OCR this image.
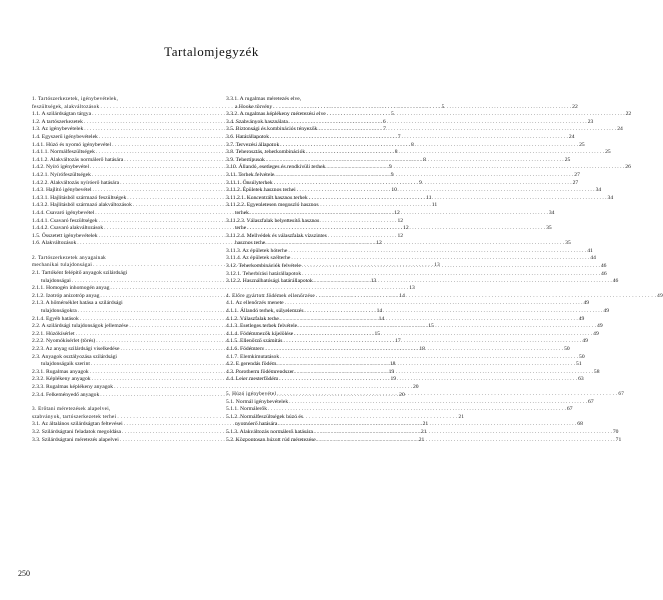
Tartalomjegyzék
1. Tartószerkezetek, igénybevételek,
feszültségek, alakváltozások . . .	5
1.1. A szilárdságtan tárgya . . .	5
1.2. A tartószerkezetek . . .	6
1.3. Az igénybevételek . . .	7
1.4. Egyszerű igénybevételek . . .	7
1.4.1. Húzó és nyomó igénybevétel . . .	8
1.4.1.1. Normálfeszültségek . . .	8
1.4.1.2. Alakváltozás normálerő hatására . . .	8
1.4.2. Nyíró igénybevétel . . .	9
1.4.2.1. Nyírófeszültségek . . .	9
1.4.2.2. Alakváltozás nyíróerő hatására . . .	9
1.4.3. Hajlító igénybevétel . . .	10
1.4.3.1. Hajlításból származó feszültségek . . .	11
1.4.3.2. Hajlításból származó alakváltozások . . .	11
1.4.4. Csavaró igénybevétel . . .	12
1.4.4.1. Csavaró feszültségek . . .	12
1.4.4.2. Csavaró alakváltozások . . .	12
1.5. Összetett igénybevételek . . .	12
1.6. Alakváltozások . . .	12
2. Tartószerkezetek anyagainak
mechanikai tulajdonságai . . .	13
2.1. Tartóként felépítő anyagok szilárdsági
tulajdonságai . . .	13
2.1.1. Homogén inhomogén anyag . . .	13
2.1.2. Izotróp anizotróp anyag . . .	14
2.1.3. A hőmérséklet hatása a szilárdsági
tulajdonságokra . . .	14
2.1.4. Egyéb hatások . . .	14
2.2. A szilárdsági tulajdonságok jellemzése . . .	15
2.2.1. Húzókísérlet . . .	15
2.2.2. Nyomókísérlet (törés) . . .	17
2.2.3. Az anyag szilárdsági viselkedése . . .	18
2.3. Anyagok osztályozása szilárdsági
tulajdonságaik szerint . . .	18
2.3.1. Rugalmas anyagok . . .	19
2.3.2. Képlékeny anyagok . . .	19
2.3.3. Rugalmas képlékeny anyagok . . .	20
2.3.4. Felkeményedő anyagok . . .	20
3. Erőtani méretezések alapelvei,
szabványok, tartószerkezetek terhei . . .	21
3.1. Az általános szilárdságtan feltevései . . .	21
3.2. Szilárdságtani feladatok megoldása . . .	21
3.3. Szilárdságtani méretezés alapelvei . . .	21
3.3.1. A rugalmas méretezés elve,
a Hooke törvény . . .	22
3.3.2. A rugalmas képlékeny méretezési elve . . .	22
3.4. Szabványok használata . . .	23
3.5. Biztonsági és kombinációs tényezők . . .	24
3.6. Határállapotok . . .	24
3.7. Tervezési állapotok . . .	25
3.8. Teherosztás, teherkombinációk . . .	25
3.9. Tehertípusok . . .	25
3.10. Állandó, esetleges és rendkívüli terhek . . .	26
3.11. Terhek felvétele . . .	27
3.11.1. Önsúlyterhek . . .	27
3.11.2. Épületek hasznos terhei . . .	34
3.11.2.1. Koncentrált hasznos terhek . . .	34
3.11.2.2. Egyenletesen megoszló hasznos
terhek . . .	34
3.11.2.3. Válaszfalak helyettesítő hasznos
terhe . . .	35
3.11.2.4. Mellvédek és válaszfalak vízszintes
hasznos terhe . . .	35
3.11.3. Az épületek hóterhe . . .	41
3.11.4. Az épületek szélterhe . . .	44
3.12. Teherkombinációk felvétele . . .	46
3.12.1. Teherbírási határállapotok . . .	46
3.12.2. Használhatósági határállapotok . . .	46
4. Előre gyártott födémek ellenőrzése . . .	49
4.1. Az ellenőrzés menete . . .	49
4.1.1. Állandó terhek, súlyelemzés . . .	49
4.1.2. Válaszfalak terhe . . .	49
4.1.3. Esetleges terhek felvétele . . .	49
4.1.4. Födémmezők kijelölése . . .	49
4.1.5. Ellenőrző számítás . . .	49
4.1.6. Födémterv . . .	50
4.1.7. Elemkimutatások . . .	50
4.2. E gerendás födém . . .	51
4.3. Porotherm födémrendszer . . .	58
4.4. Leier mesterfödém . . .	63
5. Húzó igénybevétel . . .	67
5.1. Normál igénybevételek . . .	67
5.1.1. Normálerők . . .	67
5.1.2. Normálfeszültségek húzó és
nyomóerő hatására . . .	68
5.1.3. Alakváltozás normálerő hatására . . .	70
5.2. Központosan húzott rúd méretezése . . .	71
250
